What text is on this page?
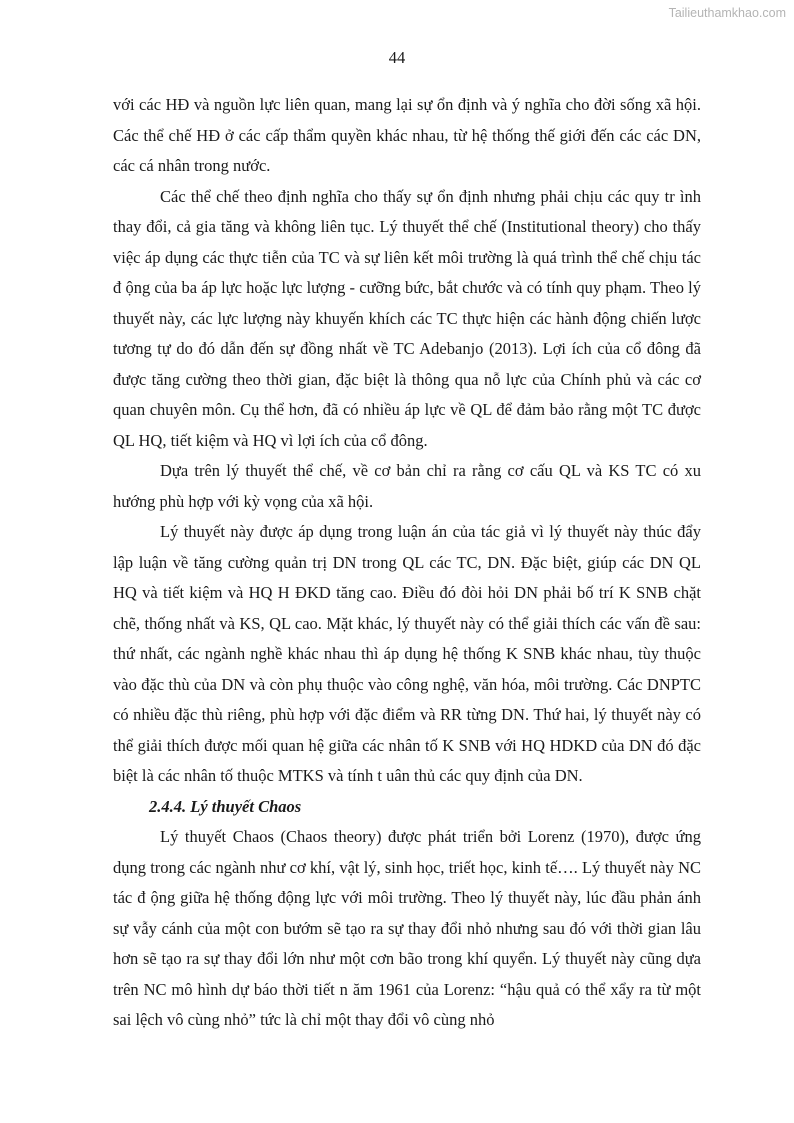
Tailieuthamkhao.com
44

với các HĐ và nguồn lực liên quan, mang lại sự ổn định và ý nghĩa cho đời sống xã hội. Các thể chế HĐ ở các cấp thẩm quyền khác nhau, từ hệ thống thế giới đến các các DN, các cá nhân trong nước.

Các thể chế theo định nghĩa cho thấy sự ổn định nhưng phải chịu các quy tr ình thay đổi, cả gia tăng và không liên tục. Lý thuyết thể chế (Institutional theory) cho thấy việc áp dụng các thực tiễn của TC và sự liên kết môi trường là quá trình thể chế chịu tác đ ộng của ba áp lực hoặc lực lượng - cưỡng bức, bắt chước và có tính quy phạm. Theo lý thuyết này, các lực lượng này khuyến khích các TC thực hiện các hành động chiến lược tương tự do đó dẫn đến sự đồng nhất về TC Adebanjo (2013). Lợi ích của cổ đông đã được tăng cường theo thời gian, đặc biệt là thông qua nỗ lực của Chính phủ và các cơ quan chuyên môn. Cụ thể hơn, đã có nhiều áp lực về QL để đảm bảo rằng một TC được QL HQ, tiết kiệm và HQ vì lợi ích của cổ đông.

Dựa trên lý thuyết thể chế, về cơ bản chỉ ra rằng cơ cấu QL và KS TC có xu hướng phù hợp với kỳ vọng của xã hội.

Lý thuyết này được áp dụng trong luận án của tác giả vì lý thuyết này thúc đẩy lập luận về tăng cường quản trị DN trong QL các TC, DN. Đặc biệt, giúp các DN QL HQ và tiết kiệm và HQ H ĐKD tăng cao. Điều đó đòi hỏi DN phải bố trí K SNB chặt chẽ, thống nhất và KS, QL cao. Mặt khác, lý thuyết này có thể giải thích các vấn đề sau: thứ nhất, các ngành nghề khác nhau thì áp dụng hệ thống K SNB khác nhau, tùy thuộc vào đặc thù của DN và còn phụ thuộc vào công nghệ, văn hóa, môi trường. Các DNPTC có nhiều đặc thù riêng, phù hợp với đặc điểm và RR từng DN. Thứ hai, lý thuyết này có thể giải thích được mối quan hệ giữa các nhân tố K SNB với HQ HDKD của DN đó đặc biệt là các nhân tố thuộc MTKS và tính t uân thủ các quy định của DN.

2.4.4. Lý thuyết Chaos

Lý thuyết Chaos (Chaos theory) được phát triển bởi Lorenz (1970), được ứng dụng trong các ngành như cơ khí, vật lý, sinh học, triết học, kinh tế…. Lý thuyết này NC tác đ ộng giữa hệ thống động lực với môi trường. Theo lý thuyết này, lúc đầu phản ánh sự vẫy cánh của một con bướm sẽ tạo ra sự thay đổi nhỏ nhưng sau đó với thời gian lâu hơn sẽ tạo ra sự thay đổi lớn như một cơn bão trong khí quyển. Lý thuyết này cũng dựa trên NC mô hình dự báo thời tiết n ăm 1961 của Lorenz: “hậu quả có thể xẩy ra từ một sai lệch vô cùng nhỏ” tức là chỉ một thay đổi vô cùng nhỏ
